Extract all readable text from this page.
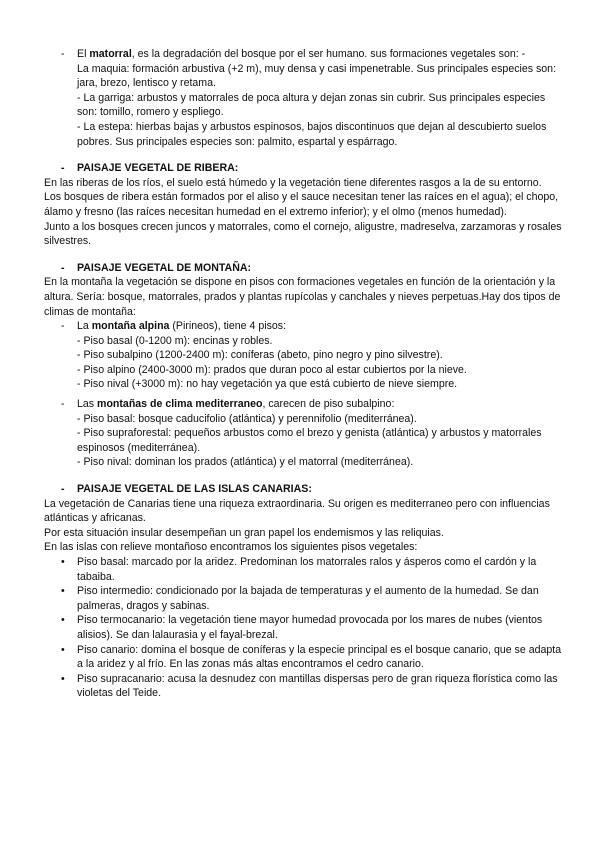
- El matorral, es la degradación del bosque por el ser humano. sus formaciones vegetales son: -

La maquia: formación arbustiva (+2 m), muy densa y casi impenetrable. Sus principales especies son: jara, brezo, lentisco y retama.

- La garriga: arbustos y matorrales de poca altura y dejan zonas sin cubrir. Sus principales especies son: tomillo, romero y espliego.

- La estepa: hierbas bajas y arbustos espinosos, bajos discontinuos que dejan al descubierto suelos pobres. Sus principales especies son: palmito, espartal y espárrago.

- PAISAJE VEGETAL DE RIBERA:

En las riberas de los ríos, el suelo está húmedo y la vegetación tiene diferentes rasgos a la de su entorno.

Los bosques de ribera están formados por el aliso y el sauce necesitan tener las raíces en el agua); el chopo, álamo y fresno (las raíces necesitan humedad en el extremo inferior); y el olmo (menos humedad).

Junto a los bosques crecen juncos y matorrales, como el cornejo, aligustre, madreselva, zarzamoras y rosales silvestres.

- PAISAJE VEGETAL DE MONTAÑA:

En la montaña la vegetación se dispone en pisos con formaciones vegetales en función de la orientación y la altura. Sería: bosque, matorrales, prados y plantas rupícolas y canchales y nieves perpetuas.Hay dos tipos de climas de montaña:

- La montaña alpina (Pirineos), tiene 4 pisos:

- Piso basal (0-1200 m): encinas y robles.

- Piso subalpino (1200-2400 m): coníferas (abeto, pino negro y pino silvestre).

- Piso alpino (2400-3000 m): prados que duran poco al estar cubiertos por la nieve.

- Piso nival (+3000 m): no hay vegetación ya que está cubierto de nieve siempre.

- Las montañas de clima mediterraneo, carecen de piso subalpino:

- Piso basal: bosque caducifolio (atlántica) y perennifolio (mediterránea).

- Piso supraforestal: pequeños arbustos como el brezo y genista (atlántica) y arbustos y matorrales espinosos (mediterránea).

- Piso nival: dominan los prados (atlántica) y el matorral (mediterránea).

- PAISAJE VEGETAL DE LAS ISLAS CANARIAS:

La vegetación de Canarias tiene una riqueza extraordinaria. Su origen es mediterraneo pero con influencias atlánticas y africanas.

Por esta situación insular desempeñan un gran papel los endemismos y las reliquias.

En las islas con relieve montañoso encontramos los siguientes pisos vegetales:

• Piso basal: marcado por la aridez. Predominan los matorrales ralos y ásperos como el cardón y la tabaiba.

• Piso intermedio: condicionado por la bajada de temperaturas y el aumento de la humedad. Se dan palmeras, dragos y sabinas.

• Piso termocanario: la vegetación tiene mayor humedad provocada por los mares de nubes (vientos alisios). Se dan lalaurasia y el fayal-brezal.

• Piso canario: domina el bosque de coníferas y la especie principal es el bosque canario, que se adapta a la aridez y al frío. En las zonas más altas encontramos el cedro canario.

• Piso supracanario: acusa la desnudez con mantillas dispersas pero de gran riqueza florística como las violetas del Teide.
